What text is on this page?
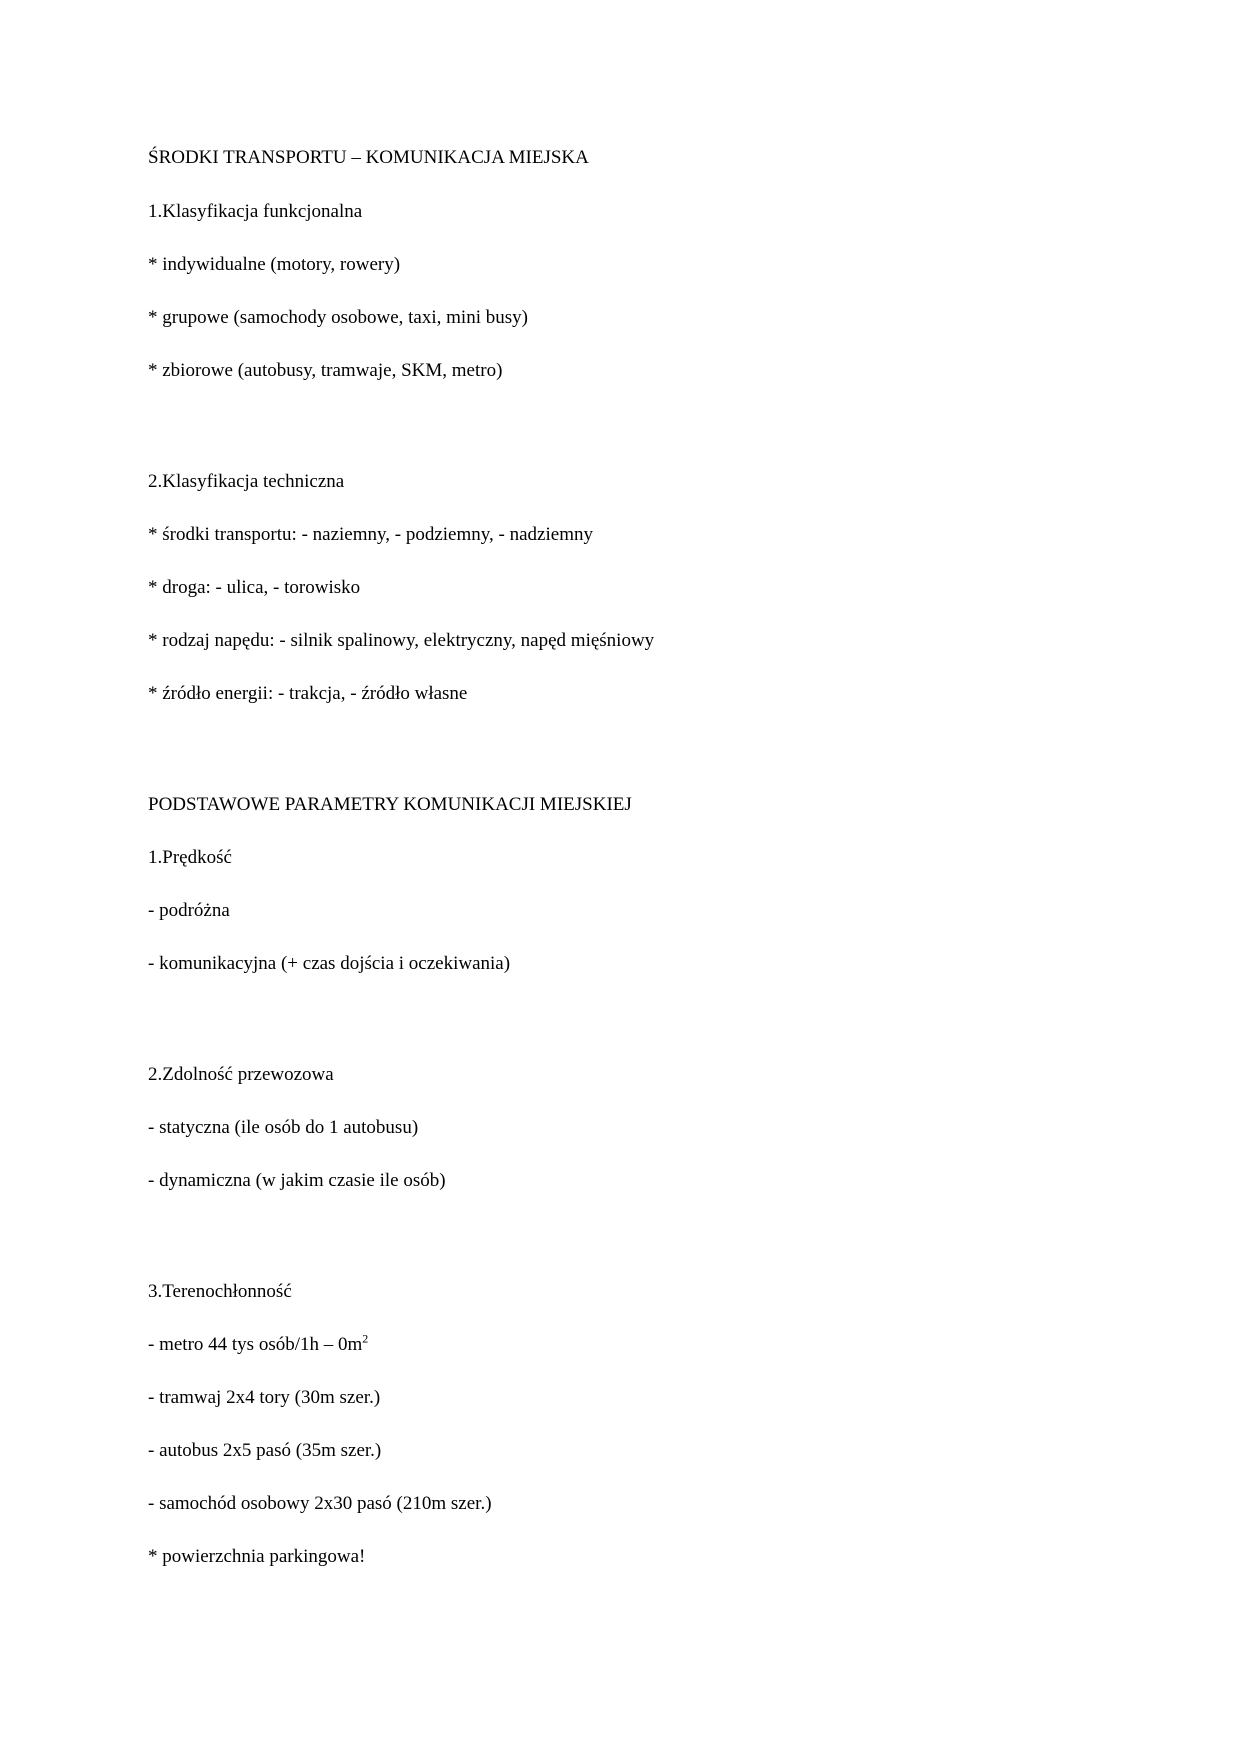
ŚRODKI TRANSPORTU – KOMUNIKACJA MIEJSKA
1.Klasyfikacja funkcjonalna
* indywidualne (motory, rowery)
* grupowe (samochody osobowe, taxi, mini busy)
* zbiorowe (autobusy, tramwaje, SKM, metro)
2.Klasyfikacja techniczna
* środki transportu: - naziemny, - podziemny, - nadziemny
* droga: - ulica, - torowisko
* rodzaj napędu: - silnik spalinowy, elektryczny, napęd mięśniowy
* źródło energii: - trakcja, - źródło własne
PODSTAWOWE PARAMETRY KOMUNIKACJI MIEJSKIEJ
1.Prędkość
- podróżna
- komunikacyjna (+ czas dojścia i oczekiwania)
2.Zdolność przewozowa
- statyczna (ile osób do 1 autobusu)
- dynamiczna (w jakim czasie ile osób)
3.Terenochłonność
- metro 44 tys osób/1h – $0m^2$
- tramwaj 2x4 tory (30m szer.)
- autobus 2x5 pasó (35m szer.)
- samochód osobowy 2x30 pasó (210m szer.)
* powierzchnia parkingowa!
